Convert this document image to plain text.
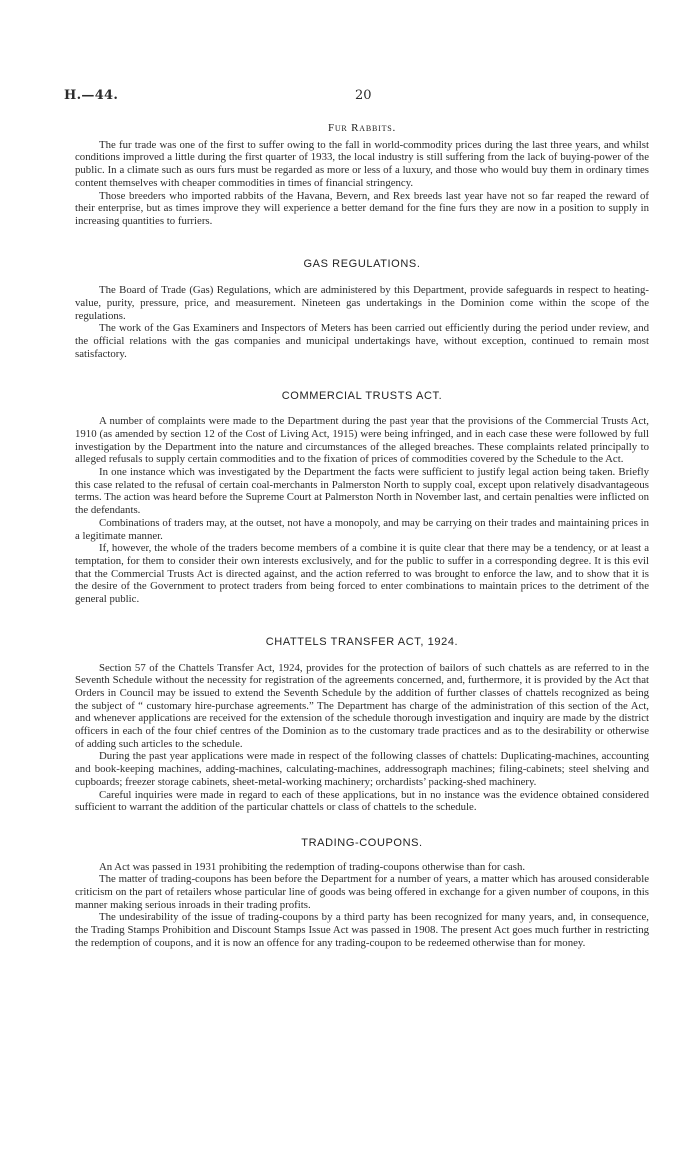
H.—44.	20
Fur Rabbits.

The fur trade was one of the first to suffer owing to the fall in world-commodity prices during the last three years, and whilst conditions improved a little during the first quarter of 1933, the local industry is still suffering from the lack of buying-power of the public. In a climate such as ours furs must be regarded as more or less of a luxury, and those who would buy them in ordinary times content themselves with cheaper commodities in times of financial stringency.

Those breeders who imported rabbits of the Havana, Bevern, and Rex breeds last year have not so far reaped the reward of their enterprise, but as times improve they will experience a better demand for the fine furs they are now in a position to supply in increasing quantities to furriers.

GAS REGULATIONS.

The Board of Trade (Gas) Regulations, which are administered by this Department, provide safeguards in respect to heating-value, purity, pressure, price, and measurement. Nineteen gas undertakings in the Dominion come within the scope of the regulations.

The work of the Gas Examiners and Inspectors of Meters has been carried out efficiently during the period under review, and the official relations with the gas companies and municipal undertakings have, without exception, continued to remain most satisfactory.

COMMERCIAL TRUSTS ACT.

A number of complaints were made to the Department during the past year that the provisions of the Commercial Trusts Act, 1910 (as amended by section 12 of the Cost of Living Act, 1915) were being infringed, and in each case these were followed by full investigation by the Department into the nature and circumstances of the alleged breaches. These complaints related principally to alleged refusals to supply certain commodities and to the fixation of prices of commodities covered by the Schedule to the Act.

In one instance which was investigated by the Department the facts were sufficient to justify legal action being taken. Briefly this case related to the refusal of certain coal-merchants in Palmerston North to supply coal, except upon relatively disadvantageous terms. The action was heard before the Supreme Court at Palmerston North in November last, and certain penalties were inflicted on the defendants.

Combinations of traders may, at the outset, not have a monopoly, and may be carrying on their trades and maintaining prices in a legitimate manner.

If, however, the whole of the traders become members of a combine it is quite clear that there may be a tendency, or at least a temptation, for them to consider their own interests exclusively, and for the public to suffer in a corresponding degree. It is this evil that the Commercial Trusts Act is directed against, and the action referred to was brought to enforce the law, and to show that it is the desire of the Government to protect traders from being forced to enter combinations to maintain prices to the detriment of the general public.

CHATTELS TRANSFER ACT, 1924.

Section 57 of the Chattels Transfer Act, 1924, provides for the protection of bailors of such chattels as are referred to in the Seventh Schedule without the necessity for registration of the agreements concerned, and, furthermore, it is provided by the Act that Orders in Council may be issued to extend the Seventh Schedule by the addition of further classes of chattels recognized as being the subject of “ customary hire-purchase agreements.” The Department has charge of the administration of this section of the Act, and whenever applications are received for the extension of the schedule thorough investigation and inquiry are made by the district officers in each of the four chief centres of the Dominion as to the customary trade practices and as to the desirability or otherwise of adding such articles to the schedule.

During the past year applications were made in respect of the following classes of chattels: Duplicating-machines, accounting and book-keeping machines, adding-machines, calculating-machines, addressograph machines; filing-cabinets; steel shelving and cupboards; freezer storage cabinets, sheet-metal-working machinery; orchardists’ packing-shed machinery.

Careful inquiries were made in regard to each of these applications, but in no instance was the evidence obtained considered sufficient to warrant the addition of the particular chattels or class of chattels to the schedule.

TRADING-COUPONS.

An Act was passed in 1931 prohibiting the redemption of trading-coupons otherwise than for cash.

The matter of trading-coupons has been before the Department for a number of years, a matter which has aroused considerable criticism on the part of retailers whose particular line of goods was being offered in exchange for a given number of coupons, in this manner making serious inroads in their trading profits.

The undesirability of the issue of trading-coupons by a third party has been recognized for many years, and, in consequence, the Trading Stamps Prohibition and Discount Stamps Issue Act was passed in 1908. The present Act goes much further in restricting the redemption of coupons, and it is now an offence for any trading-coupon to be redeemed otherwise than for money.
